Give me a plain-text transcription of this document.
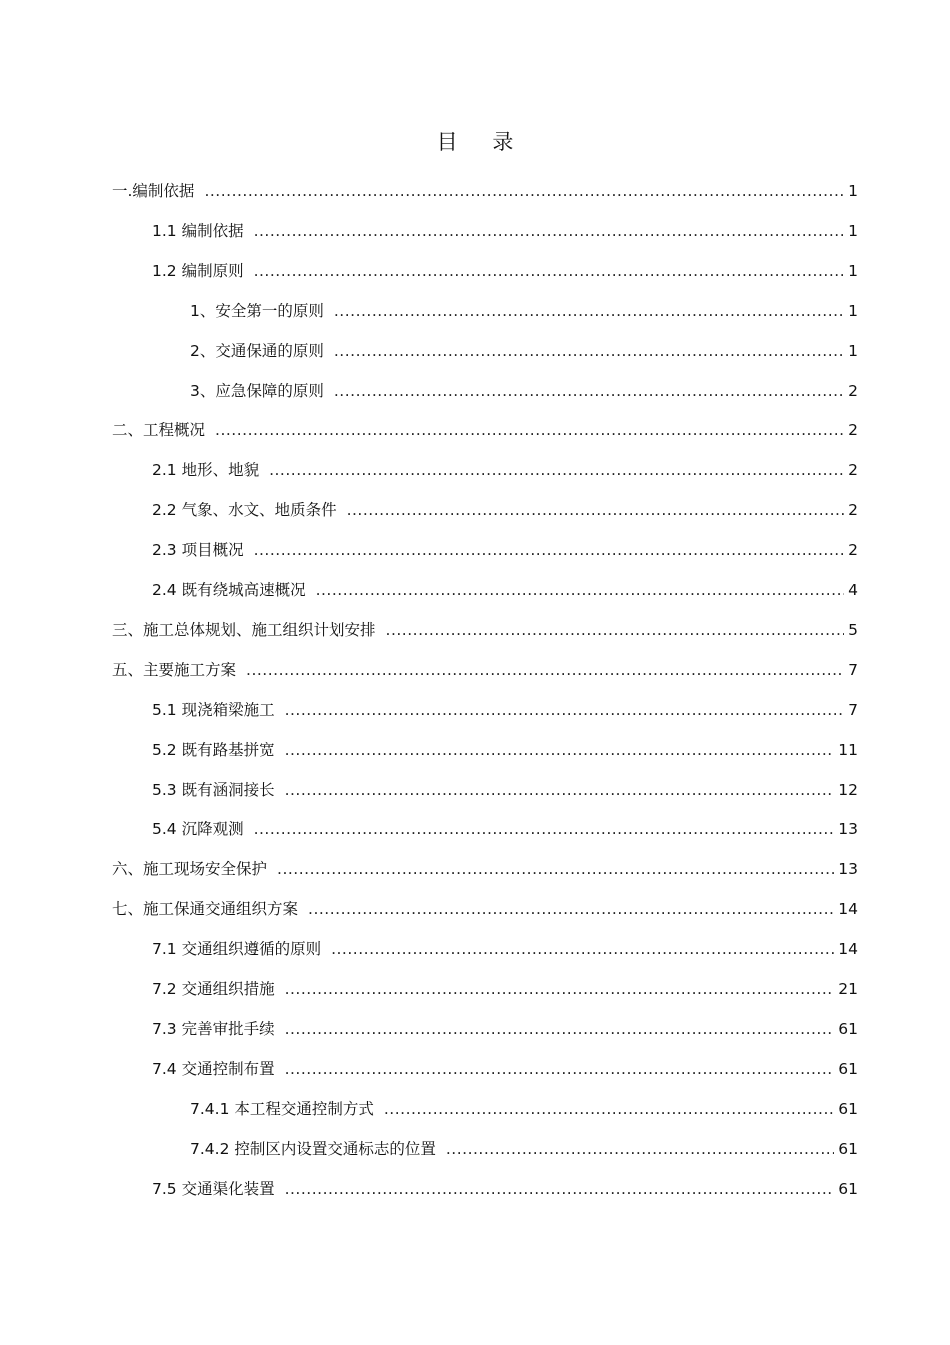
目 录
一.编制依据 .....	1
1.1 编制依据 .....	1
1.2 编制原则 .....	1
1、安全第一的原则 .....	1
2、交通保通的原则 .....	1
3、应急保障的原则 .....	2
二、工程概况 .....	2
2.1 地形、地貌 .....	2
2.2 气象、水文、地质条件 .....	2
2.3 项目概况 .....	2
2.4 既有绕城高速概况 .....	4
三、施工总体规划、施工组织计划安排 .....	5
五、主要施工方案 .....	7
5.1 现浇箱梁施工 .....	7
5.2 既有路基拼宽 .....	11
5.3 既有涵洞接长 .....	12
5.4 沉降观测 .....	13
六、施工现场安全保护 .....	13
七、施工保通交通组织方案 .....	14
7.1 交通组织遵循的原则 .....	14
7.2 交通组织措施 .....	21
7.3 完善审批手续 .....	61
7.4 交通控制布置 .....	61
7.4.1 本工程交通控制方式 .....	61
7.4.2 控制区内设置交通标志的位置 .....	61
7.5 交通渠化装置 .....	61
